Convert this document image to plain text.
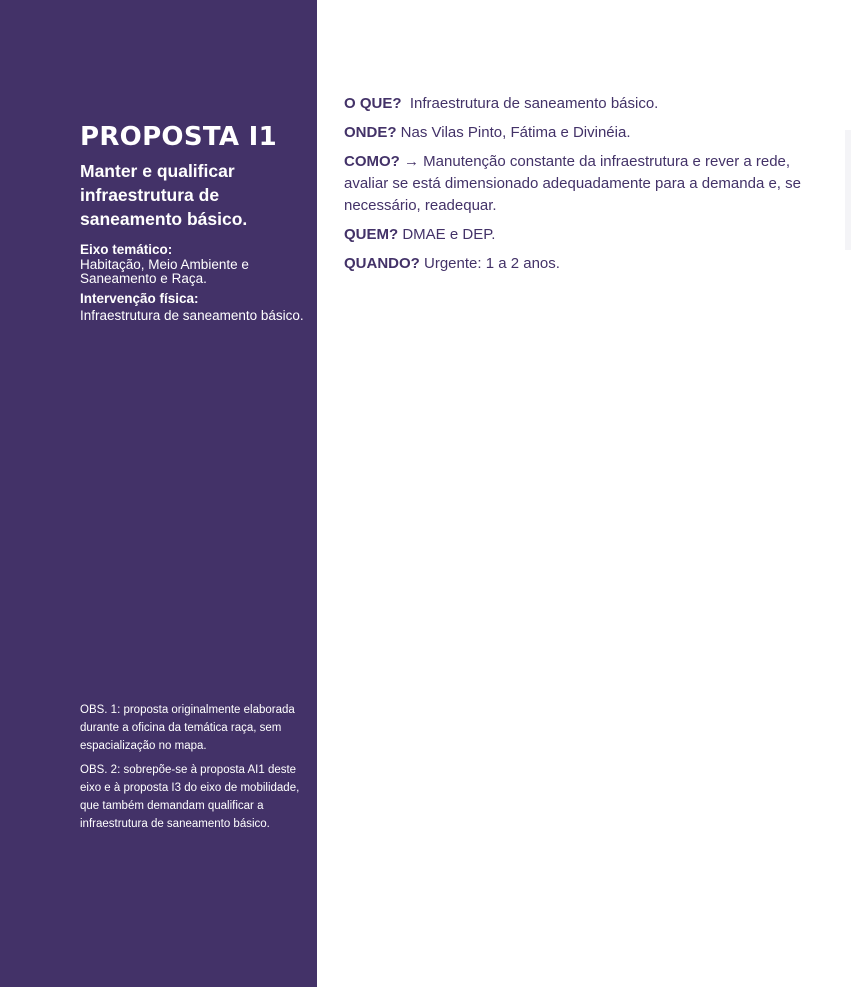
PROPOSTA I1
Manter e qualificar infraestrutura de saneamento básico.
Eixo temático:
Habitação, Meio Ambiente e Saneamento e Raça.
Intervenção física:
Infraestrutura de saneamento básico.

OBS. 1: proposta originalmente elaborada durante a oficina da temática raça, sem espacialização no mapa.

OBS. 2: sobrepõe-se à proposta AI1 deste eixo e à proposta I3 do eixo de mobilidade, que também demandam qualificar a infraestrutura de saneamento básico.

O QUE? Infraestrutura de saneamento básico.

ONDE? Nas Vilas Pinto, Fátima e Divinéia.

COMO? → Manutenção constante da infraestrutura e rever a rede, avaliar se está dimensionado adequadamente para a demanda e, se necessário, readequar.

QUEM? DMAE e DEP.

QUANDO? Urgente: 1 a 2 anos.
